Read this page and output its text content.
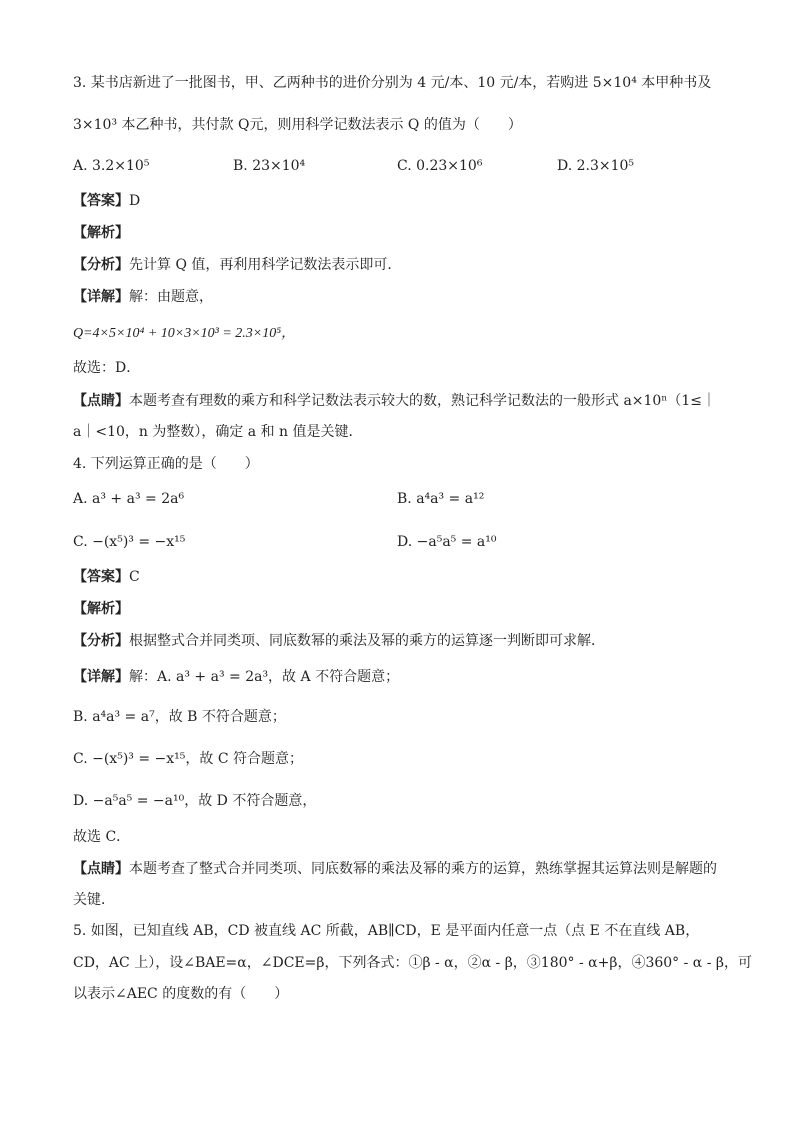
3. 某书店新进了一批图书，甲、乙两种书的进价分别为 4 元/本、10 元/本，若购进 5×10⁴ 本甲种书及
3×10³ 本乙种书，共付款 Q元，则用科学记数法表示 Q 的值为（　　）
A. 3.2×10⁵	B. 23×10⁴	C. 0.23×10⁶	D. 2.3×10⁵
【答案】D
【解析】
【分析】先计算 Q 值，再利用科学记数法表示即可．
【详解】解：由题意，
Q=4×5×10⁴ + 10×3×10³ = 2.3×10⁵，
故选：D．
【点睛】本题考查有理数的乘方和科学记数法表示较大的数，熟记科学记数法的一般形式 a×10ⁿ（1≤｜
a｜<10，n 为整数），确定 a 和 n 值是关键．
4. 下列运算正确的是（　　）
A. a³ + a³ = 2a⁶	B. a⁴a³ = a¹²
C. −(x⁵)³ = −x¹⁵	D. −a⁵a⁵ = a¹⁰
【答案】C
【解析】
【分析】根据整式合并同类项、同底数幂的乘法及幂的乘方的运算逐一判断即可求解．
【详解】解：A. a³ + a³ = 2a³，故 A 不符合题意；
B. a⁴a³ = a⁷，故 B 不符合题意；
C. −(x⁵)³ = −x¹⁵，故 C 符合题意；
D. −a⁵a⁵ = −a¹⁰，故 D 不符合题意，
故选 C．
【点睛】本题考查了整式合并同类项、同底数幂的乘法及幂的乘方的运算，熟练掌握其运算法则是解题的
关键．
5. 如图，已知直线 AB，CD 被直线 AC 所截，AB∥CD，E 是平面内任意一点（点 E 不在直线 AB，
CD，AC 上），设∠BAE=α，∠DCE=β，下列各式：①β - α，②α - β，③180° - α+β，④360° - α - β，可
以表示∠AEC 的度数的有（　　）
